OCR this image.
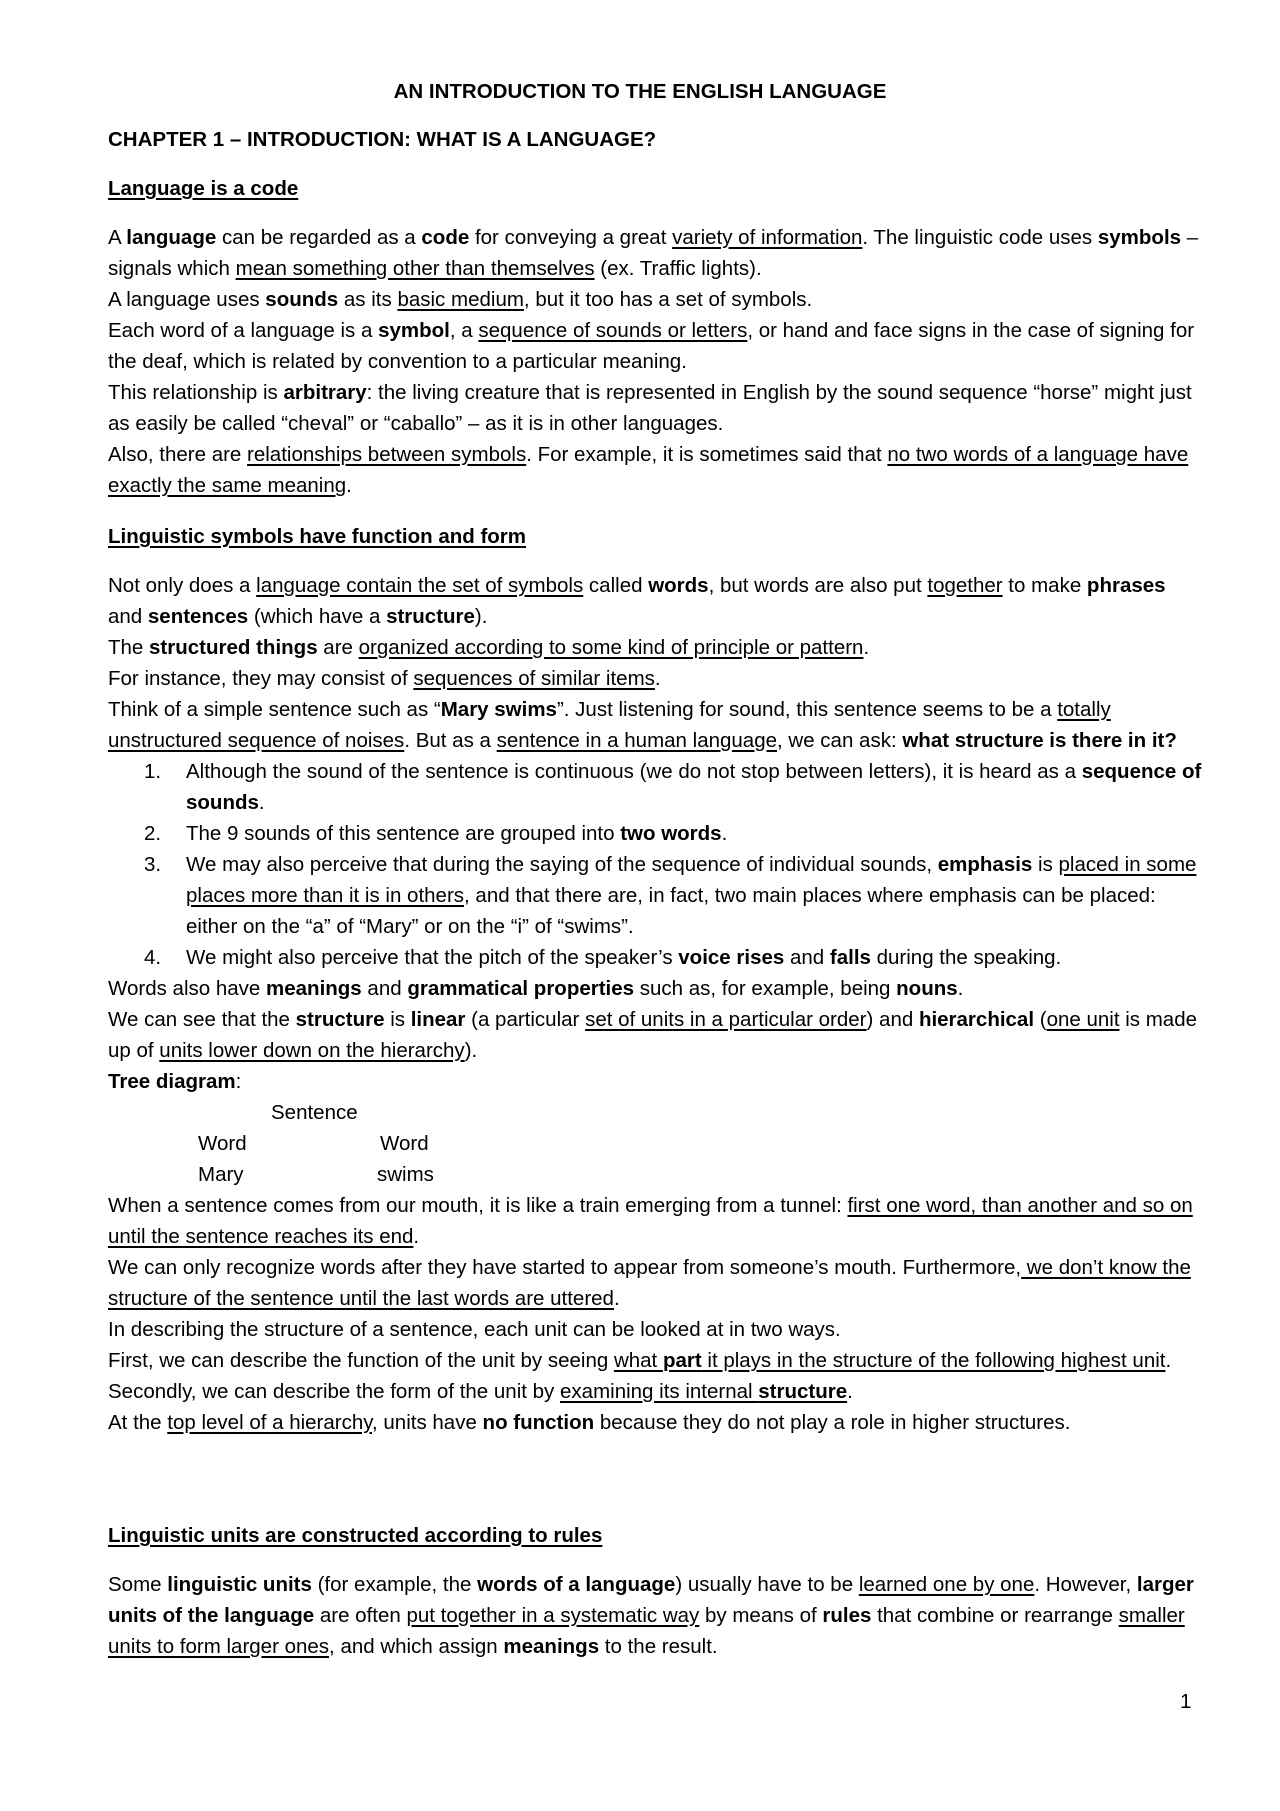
AN INTRODUCTION TO THE ENGLISH LANGUAGE
CHAPTER 1 – INTRODUCTION: WHAT IS A LANGUAGE?
Language is a code

A language can be regarded as a code for conveying a great variety of information. The linguistic code uses symbols – signals which mean something other than themselves (ex. Traffic lights).

A language uses sounds as its basic medium, but it too has a set of symbols.

Each word of a language is a symbol, a sequence of sounds or letters, or hand and face signs in the case of signing for the deaf, which is related by convention to a particular meaning.

This relationship is arbitrary: the living creature that is represented in English by the sound sequence “horse” might just as easily be called “cheval” or “caballo” – as it is in other languages.

Also, there are relationships between symbols. For example, it is sometimes said that no two words of a language have exactly the same meaning.

Linguistic symbols have function and form

Not only does a language contain the set of symbols called words, but words are also put together to make phrases and sentences (which have a structure).

The structured things are organized according to some kind of principle or pattern.

For instance, they may consist of sequences of similar items.

Think of a simple sentence such as “Mary swims”. Just listening for sound, this sentence seems to be a totally unstructured sequence of noises. But as a sentence in a human language, we can ask: what structure is there in it?

1.	Although the sound of the sentence is continuous (we do not stop between letters), it is heard as a sequence of sounds.
2.	The 9 sounds of this sentence are grouped into two words.
3.	We may also perceive that during the saying of the sequence of individual sounds, emphasis is placed in some places more than it is in others, and that there are, in fact, two main places where emphasis can be placed: either on the “a” of “Mary” or on the “i” of “swims”.
4.	We might also perceive that the pitch of the speaker’s voice rises and falls during the speaking.

Words also have meanings and grammatical properties such as, for example, being nouns.

We can see that the structure is linear (a particular set of units in a particular order) and hierarchical (one unit is made up of units lower down on the hierarchy).

Tree diagram:

Sentence
Word	Word
Mary	swims

When a sentence comes from our mouth, it is like a train emerging from a tunnel: first one word, than another and so on until the sentence reaches its end.

We can only recognize words after they have started to appear from someone’s mouth. Furthermore, we don’t know the structure of the sentence until the last words are uttered.

In describing the structure of a sentence, each unit can be looked at in two ways.

First, we can describe the function of the unit by seeing what part it plays in the structure of the following highest unit.

Secondly, we can describe the form of the unit by examining its internal structure.

At the top level of a hierarchy, units have no function because they do not play a role in higher structures.

Linguistic units are constructed according to rules

Some linguistic units (for example, the words of a language) usually have to be learned one by one. However, larger units of the language are often put together in a systematic way by means of rules that combine or rearrange smaller units to form larger ones, and which assign meanings to the result.

1
